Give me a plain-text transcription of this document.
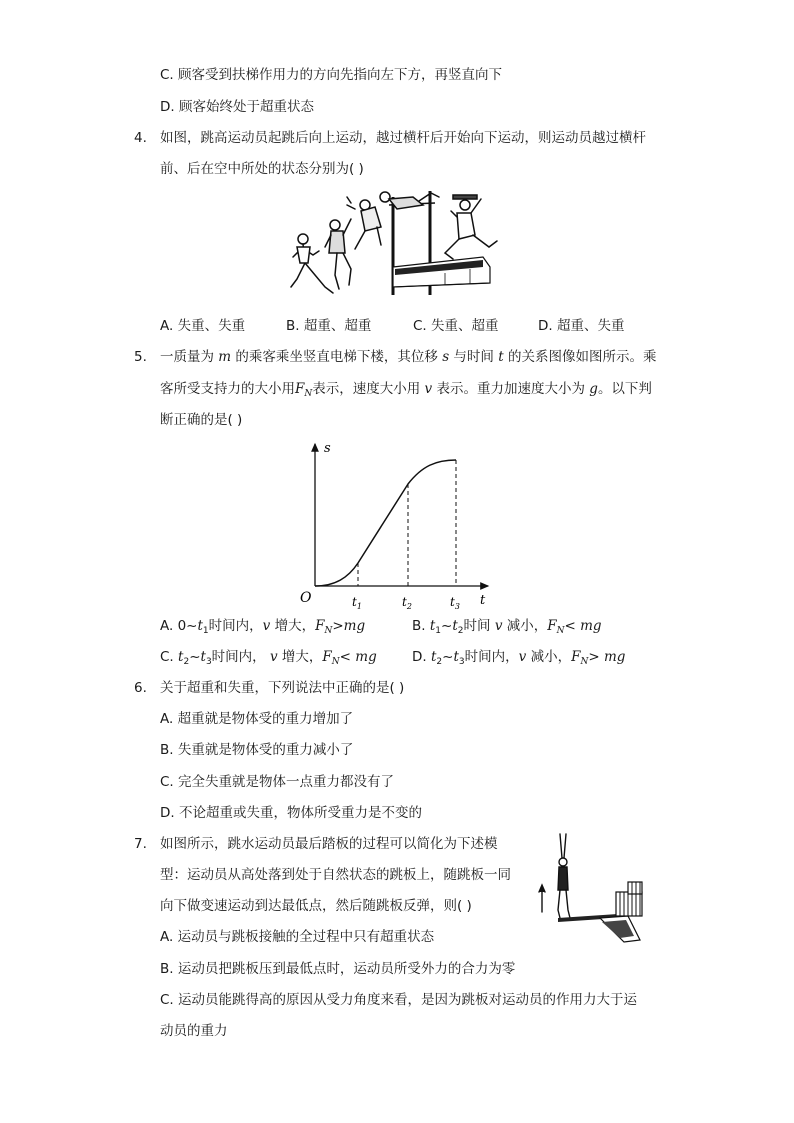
C. 顾客受到扶梯作用力的方向先指向左下方，再竖直向下
D. 顾客始终处于超重状态
4. 如图，跳高运动员起跳后向上运动，越过横杆后开始向下运动，则运动员越过横杆
前、后在空中所处的状态分别为( )
A. 失重、失重	B. 超重、超重	C. 失重、超重	D. 超重、失重
5. 一质量为 m 的乘客乘坐竖直电梯下楼，其位移 s 与时间 t 的关系图像如图所示。乘
客所受支持力的大小用$F_N$表示，速度大小用 v 表示。重力加速度大小为 g。以下判
断正确的是( )
s
t
O	$t_1$	$t_2$	$t_3$
A. $0\sim t_1$时间内，v 增大，$F_N>mg$	B. $t_1\sim t_2$时间 v 减小，$F_N<$ mg
C. $t_2\sim t_3$时间内， v 增大，$F_N<$ mg	D. $t_2\sim t_3$时间内，v 减小，$F_N>$ mg
6. 关于超重和失重，下列说法中正确的是( )
A. 超重就是物体受的重力增加了
B. 失重就是物体受的重力减小了
C. 完全失重就是物体一点重力都没有了
D. 不论超重或失重，物体所受重力是不变的
7. 如图所示，跳水运动员最后踏板的过程可以简化为下述模
型：运动员从高处落到处于自然状态的跳板上，随跳板一同
向下做变速运动到达最低点，然后随跳板反弹，则( )
A. 运动员与跳板接触的全过程中只有超重状态
B. 运动员把跳板压到最低点时，运动员所受外力的合力为零
C. 运动员能跳得高的原因从受力角度来看，是因为跳板对运动员的作用力大于运
动员的重力
